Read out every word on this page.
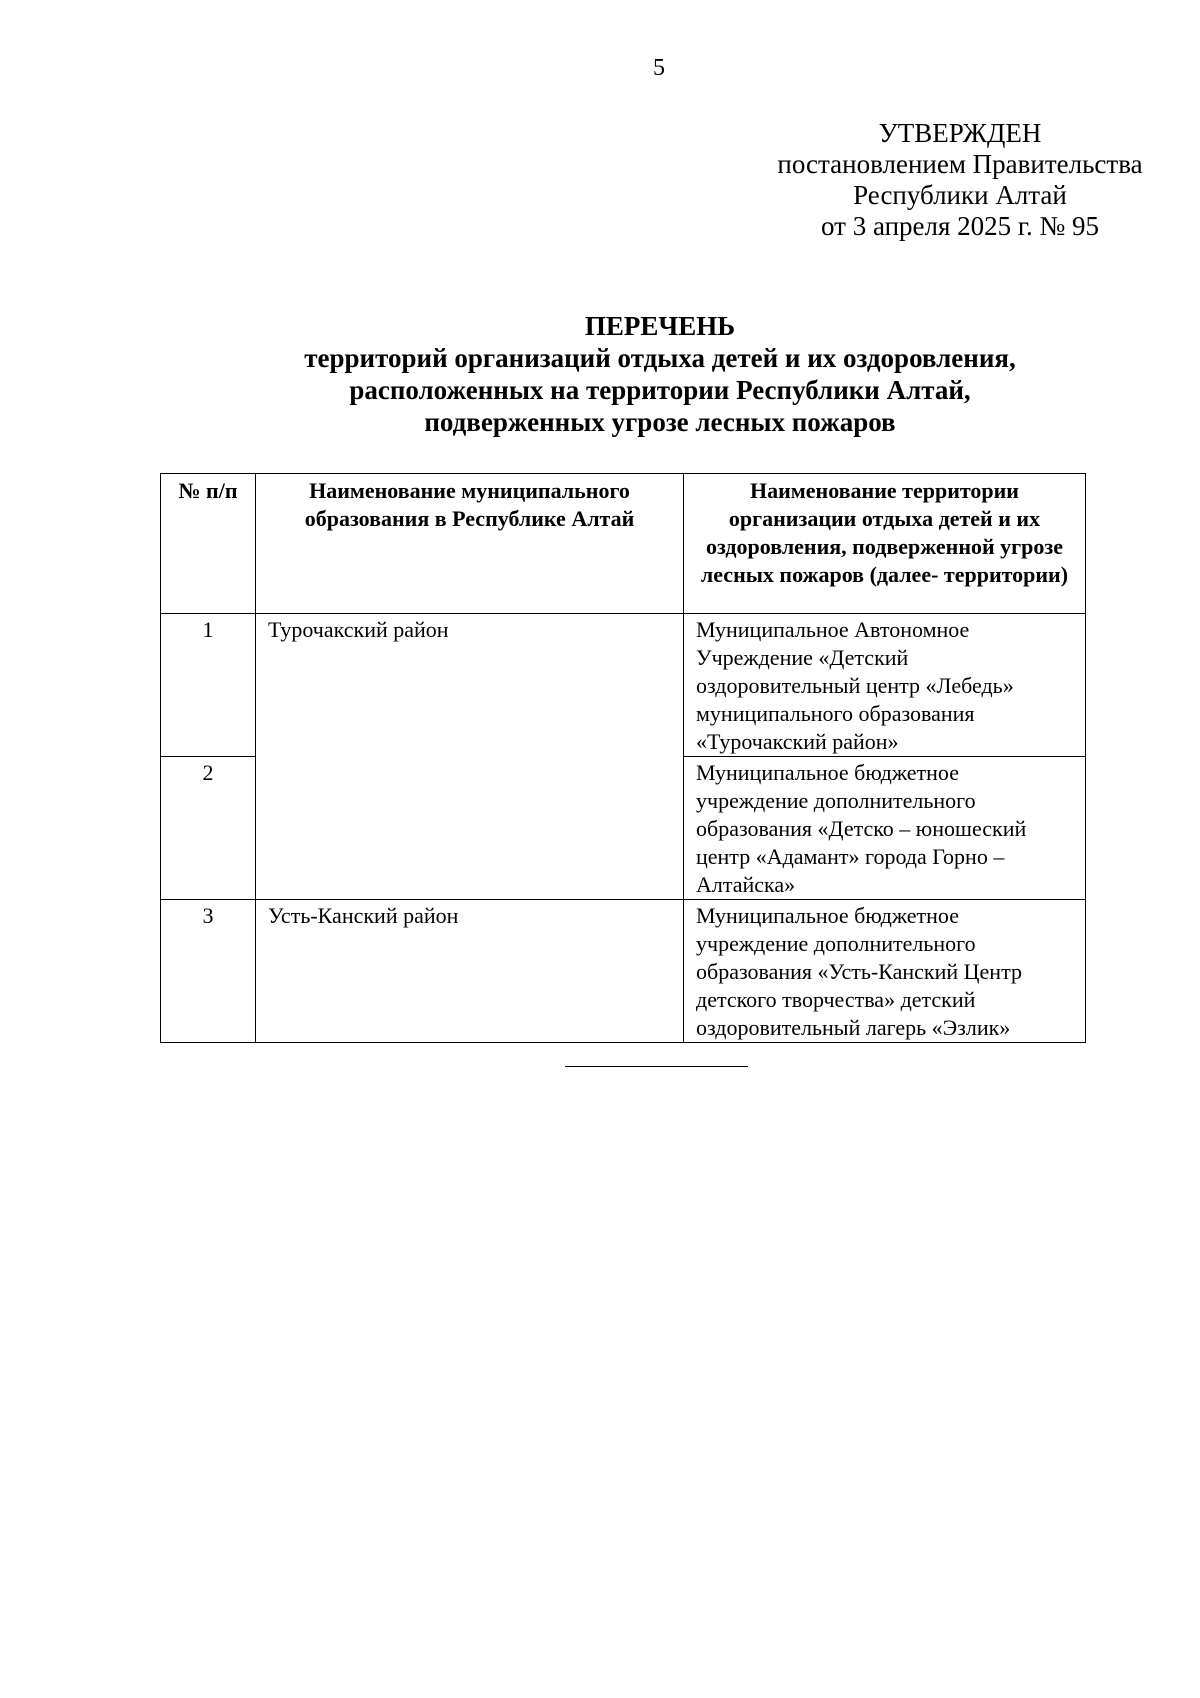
5
УТВЕРЖДЕН
постановлением Правительства
Республики Алтай
от 3 апреля 2025 г. № 95
ПЕРЕЧЕНЬ
территорий организаций отдыха детей и их оздоровления,
расположенных на территории Республики Алтай,
подверженных угрозе лесных пожаров
№ п/п	Наименование муниципального образования в Республике Алтай	Наименование территории организации отдыха детей и их оздоровления, подверженной угрозе лесных пожаров (далее- территории)
1	Турочакский район	Муниципальное Автономное Учреждение «Детский оздоровительный центр «Лебедь» муниципального образования «Турочакский район»
2		Муниципальное бюджетное учреждение дополнительного образования «Детско – юношеский центр «Адамант» города Горно – Алтайска»
3	Усть-Канский район	Муниципальное бюджетное учреждение дополнительного образования «Усть-Канский Центр детского творчества» детский оздоровительный лагерь «Эзлик»
